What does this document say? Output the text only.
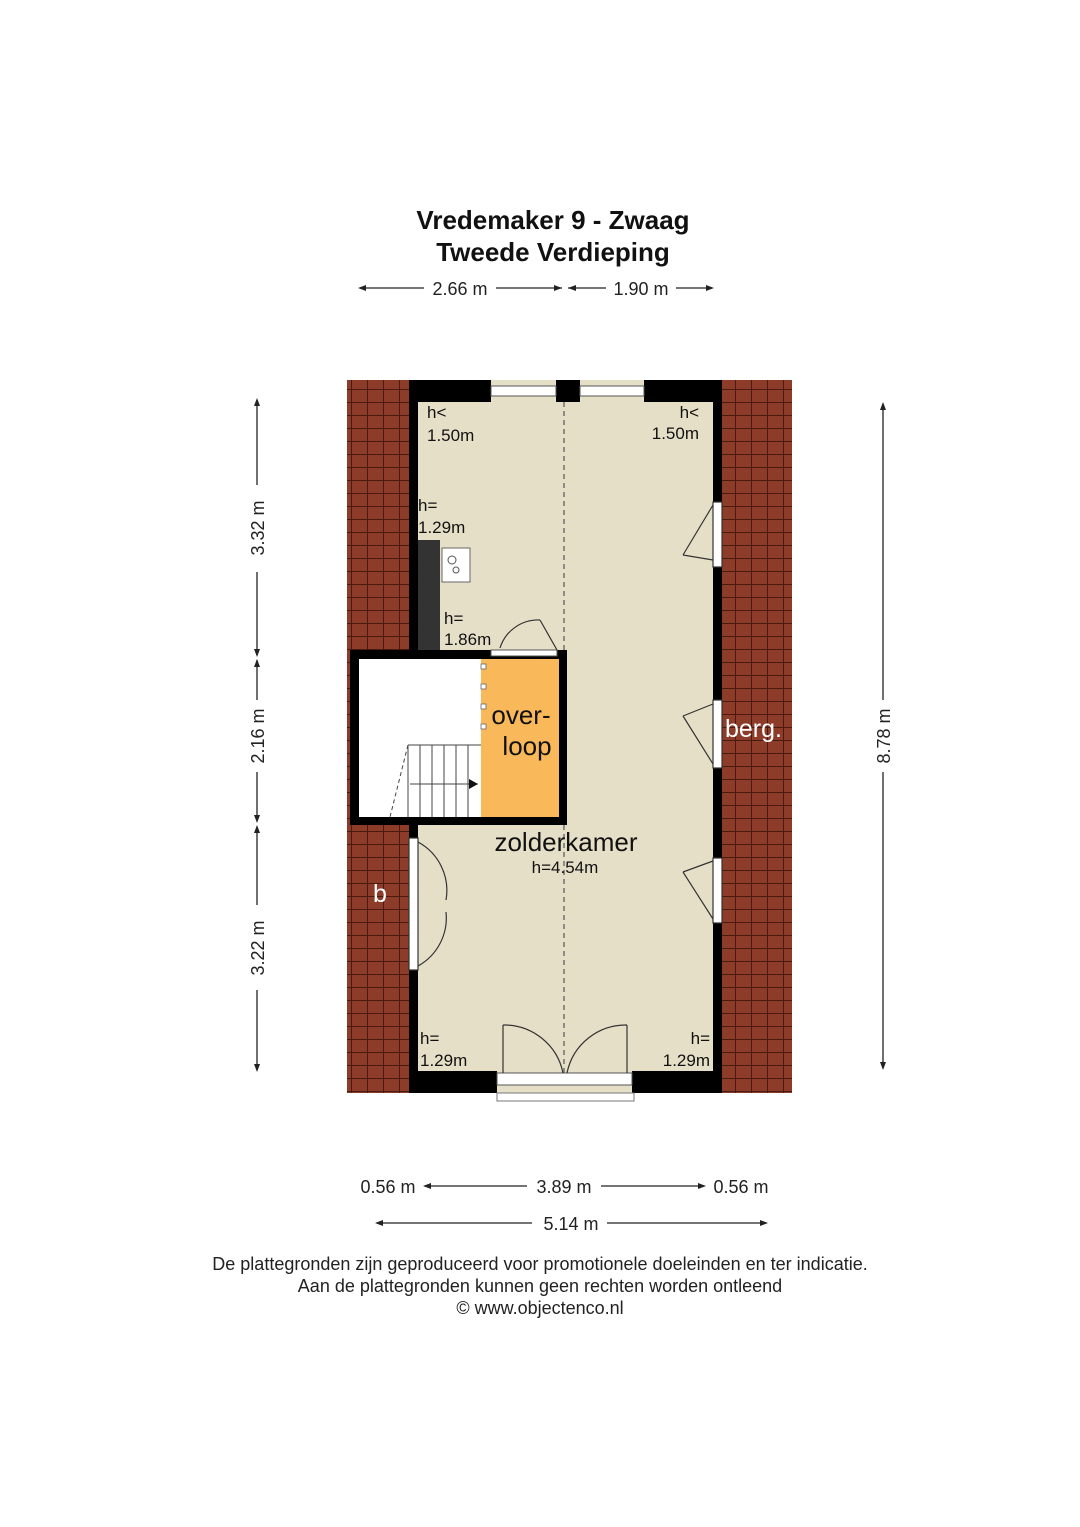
Vredemaker 9 - Zwaag
Tweede Verdieping
2.66 m	1.90 m
3.32 m
2.16 m
3.22 m
8.78 m
h<
1.50m
h<
1.50m
h=
1.29m
h=
1.86m
h=
1.29m
h=
1.29m
over-
loop
zolderkamer
h=4.54m
berg.
b
0.56 m	3.89 m	0.56 m
5.14 m
De plattegronden zijn geproduceerd voor promotionele doeleinden en ter indicatie.
Aan de plattegronden kunnen geen rechten worden ontleend
© www.objectenco.nl
